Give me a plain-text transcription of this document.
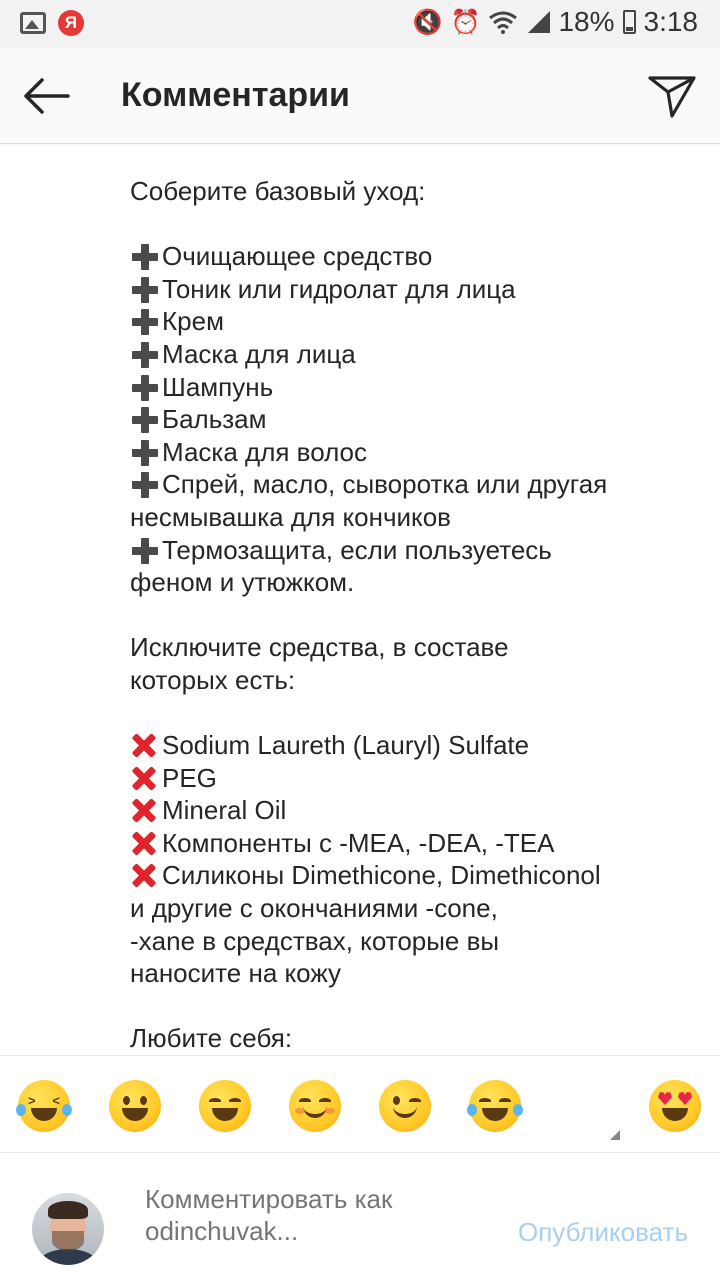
Я	🔇 ⏰	18% 3:18
Комментарии
Соберите базовый уход:
Очищающее средство
Тоник или гидролат для лица
Крем
Маска для лица
Шампунь
Бальзам
Маска для волос
Спрей, масло, сыворотка или другая
несмывашка для кончиков
Термозащита, если пользуетесь
феном и утюжком.
Исключите средства, в составе
которых есть:
Sodium Laureth (Lauryl) Sulfate
PEG
Mineral Oil
Компоненты с -MEA, -DEA, -TEA
Силиконы Dimethicone, Dimethiconol
и другие с окончаниями -cone,
-xane в средствах, которые вы
наносите на кожу
Любите себя:
> <
Комментировать как odinchuvak...
Опубликовать
